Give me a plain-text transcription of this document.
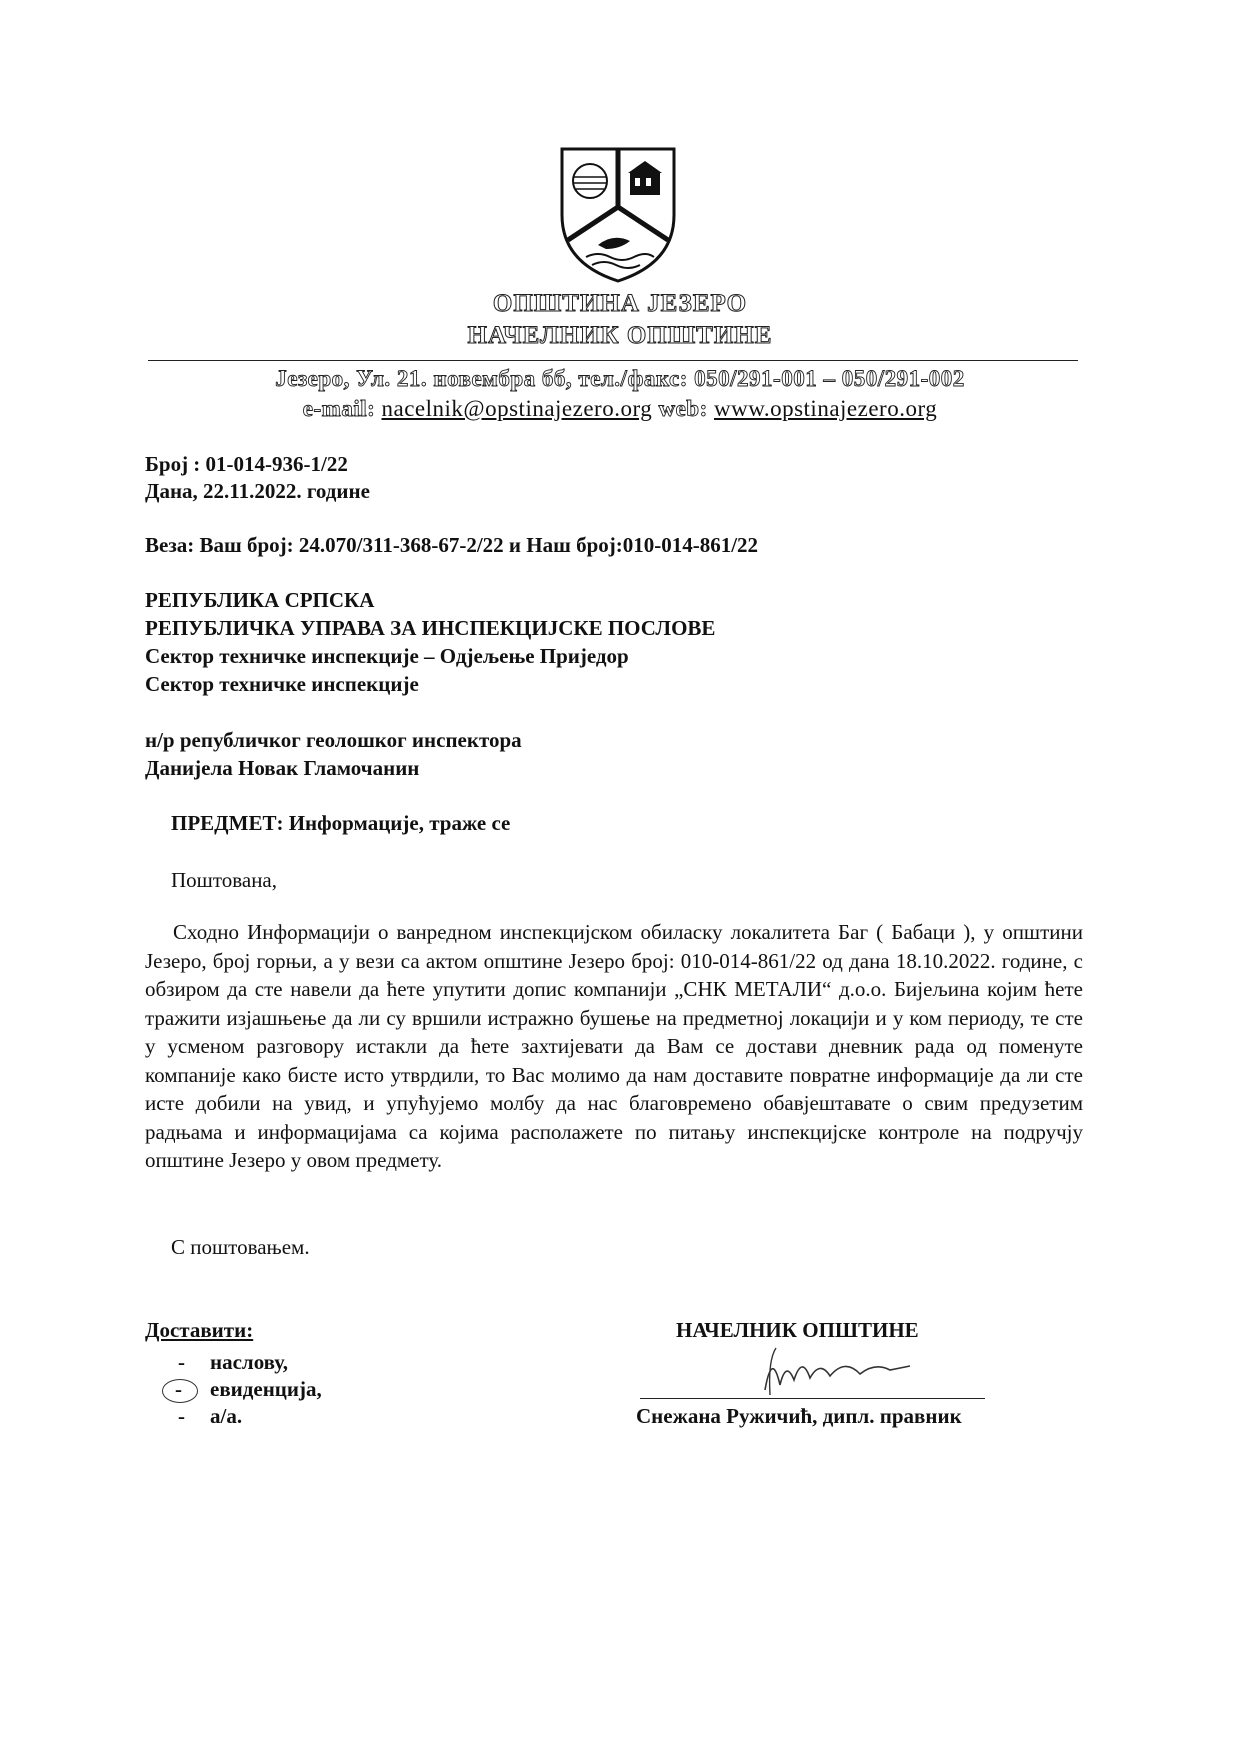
ОПШТИНА ЈЕЗЕРО
НАЧЕЛНИК ОПШТИНЕ
Језеро, Ул. 21. новембра бб, тел./факс: 050/291-001 – 050/291-002
e-mail: nacelnik@opstinajezero.org web: www.opstinajezero.org
Број : 01-014-936-1/22
Дана, 22.11.2022. године
Веза: Ваш број: 24.070/311-368-67-2/22 и Наш број:010-014-861/22
РЕПУБЛИКА СРПСКА
РЕПУБЛИЧКА УПРАВА ЗА ИНСПЕКЦИЈСКЕ ПОСЛОВЕ
Сектор техничке инспекције – Одјељење Приједор
Сектор техничке инспекције
н/р републичког геолошког инспектора
Данијела Новак Гламочанин
ПРЕДМЕТ: Информације, траже се
Поштована,
Сходно Информацији о ванредном инспекцијском обиласку локалитета Баг ( Бабаци ), у општини Језеро, број горњи, а у вези са актом општине Језеро број: 010-014-861/22 од дана 18.10.2022. године, с обзиром да сте навели да ћете упутити допис компанији „СНК МЕТАЛИ“ д.о.о. Бијељина којим ћете тражити изјашњење да ли су вршили истражно бушење на предметној локацији и у ком периоду, те сте у усменом разговору истакли да ћете захтијевати да Вам се достави дневник рада од поменуте компаније како бисте исто утврдили, то Вас молимо да нам доставите повратне информације да ли сте исте добили на увид, и упућујемо молбу да нас благовремено обавјештавате о свим предузетим радњама и информацијама са којима располажете по питању инспекцијске контроле на подручју општине Језеро у овом предмету.
С поштовањем.
Доставити:
- наслову,
- евиденција,
- а/а.
НАЧЕЛНИК ОПШТИНЕ
Снежана Ружичић, дипл. правник
